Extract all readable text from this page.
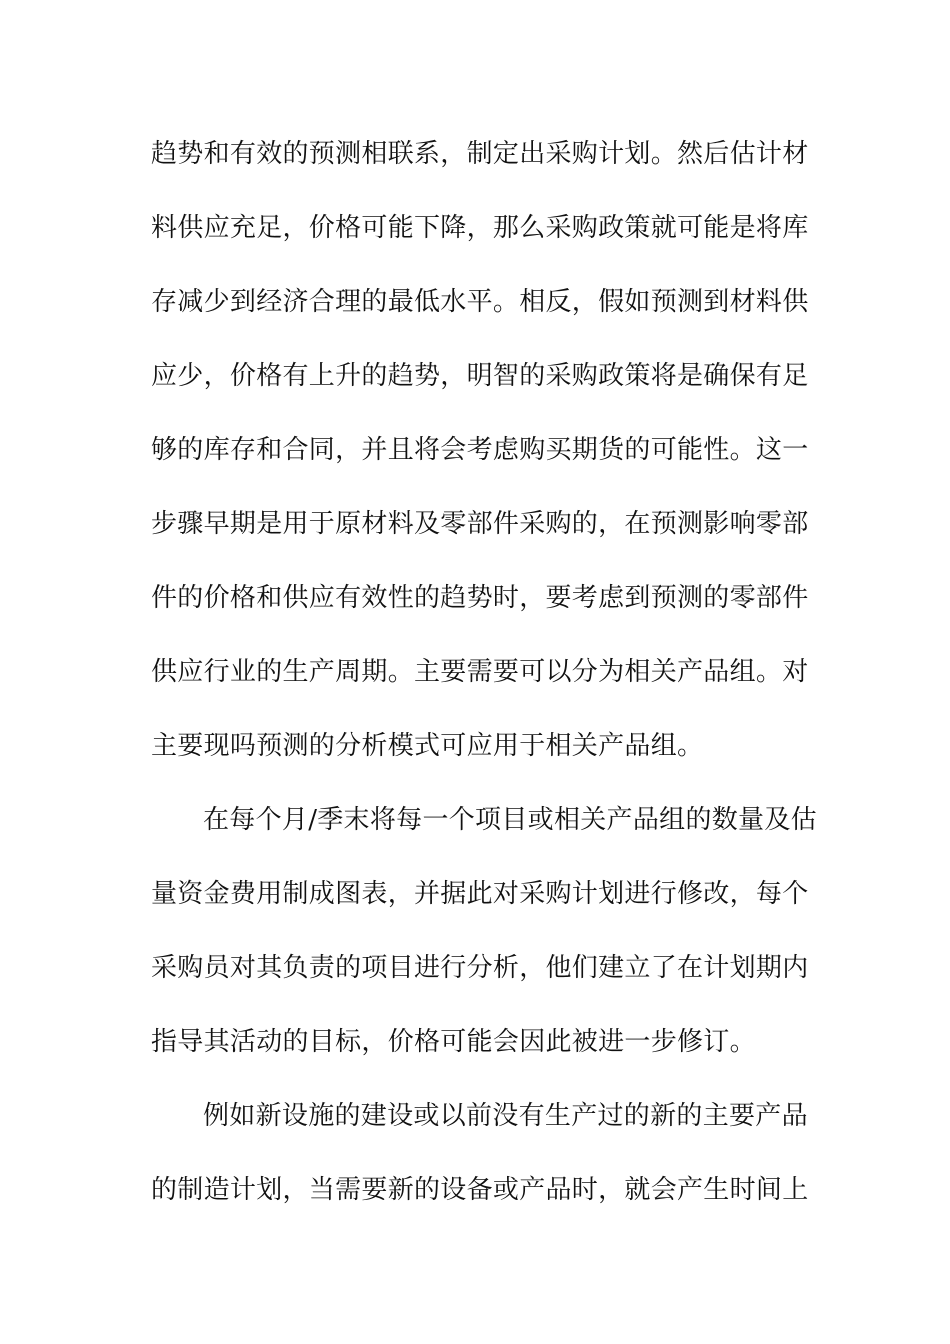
趋势和有效的预测相联系，制定出采购计划。然后估计材
料供应充足，价格可能下降，那么采购政策就可能是将库
存减少到经济合理的最低水平。相反，假如预测到材料供
应少，价格有上升的趋势，明智的采购政策将是确保有足
够的库存和合同，并且将会考虑购买期货的可能性。这一
步骤早期是用于原材料及零部件采购的，在预测影响零部
件的价格和供应有效性的趋势时，要考虑到预测的零部件
供应行业的生产周期。主要需要可以分为相关产品组。对
主要现吗预测的分析模式可应用于相关产品组。
在每个月/季末将每一个项目或相关产品组的数量及估
量资金费用制成图表，并据此对采购计划进行修改，每个
采购员对其负责的项目进行分析，他们建立了在计划期内
指导其活动的目标，价格可能会因此被进一步修订。
例如新设施的建设或以前没有生产过的新的主要产品
的制造计划，当需要新的设备或产品时，就会产生时间上
